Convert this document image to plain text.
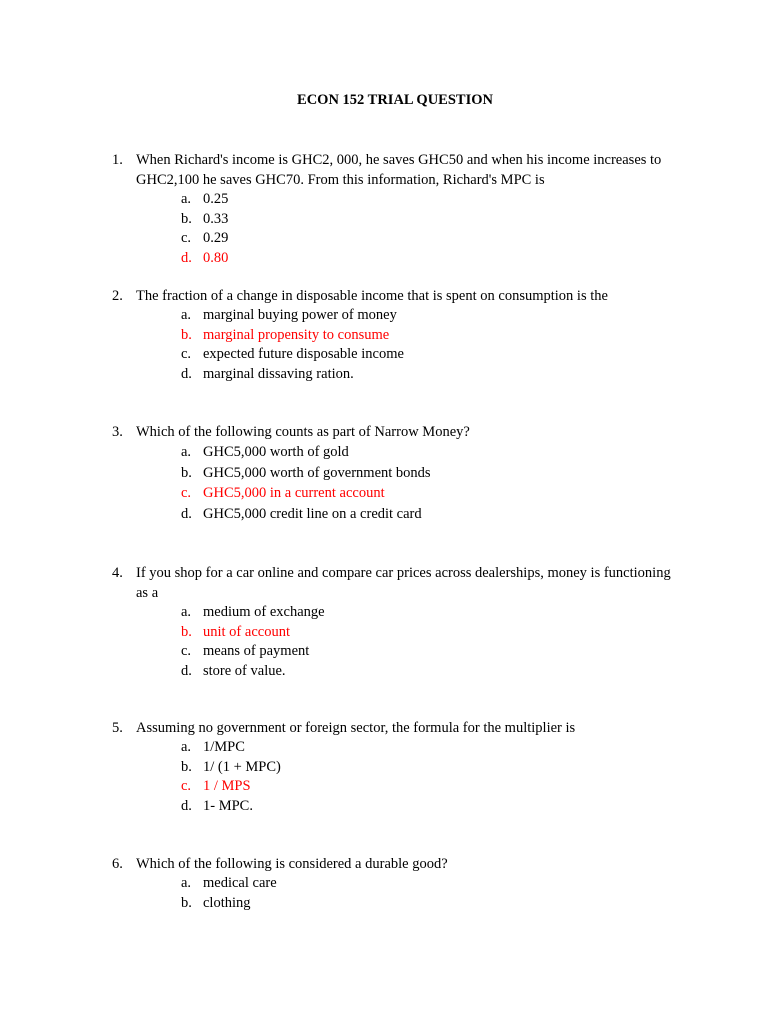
ECON 152 TRIAL QUESTION
1. When Richard's income is GHC2, 000, he saves GHC50 and when his income increases to GHC2,100 he saves GHC70. From this information, Richard's MPC is
a. 0.25
b. 0.33
c. 0.29
d. 0.80
2. The fraction of a change in disposable income that is spent on consumption is the
a. marginal buying power of money
b. marginal propensity to consume
c. expected future disposable income
d. marginal dissaving ration.
3. Which of the following counts as part of Narrow Money?
a. GHC5,000 worth of gold
b. GHC5,000 worth of government bonds
c. GHC5,000 in a current account
d. GHC5,000 credit line on a credit card
4. If you shop for a car online and compare car prices across dealerships, money is functioning as a
a. medium of exchange
b. unit of account
c. means of payment
d. store of value.
5. Assuming no government or foreign sector, the formula for the multiplier is
a. 1/MPC
b. 1/ (1 + MPC)
c. 1 / MPS
d. 1- MPC.
6. Which of the following is considered a durable good?
a. medical care
b. clothing
